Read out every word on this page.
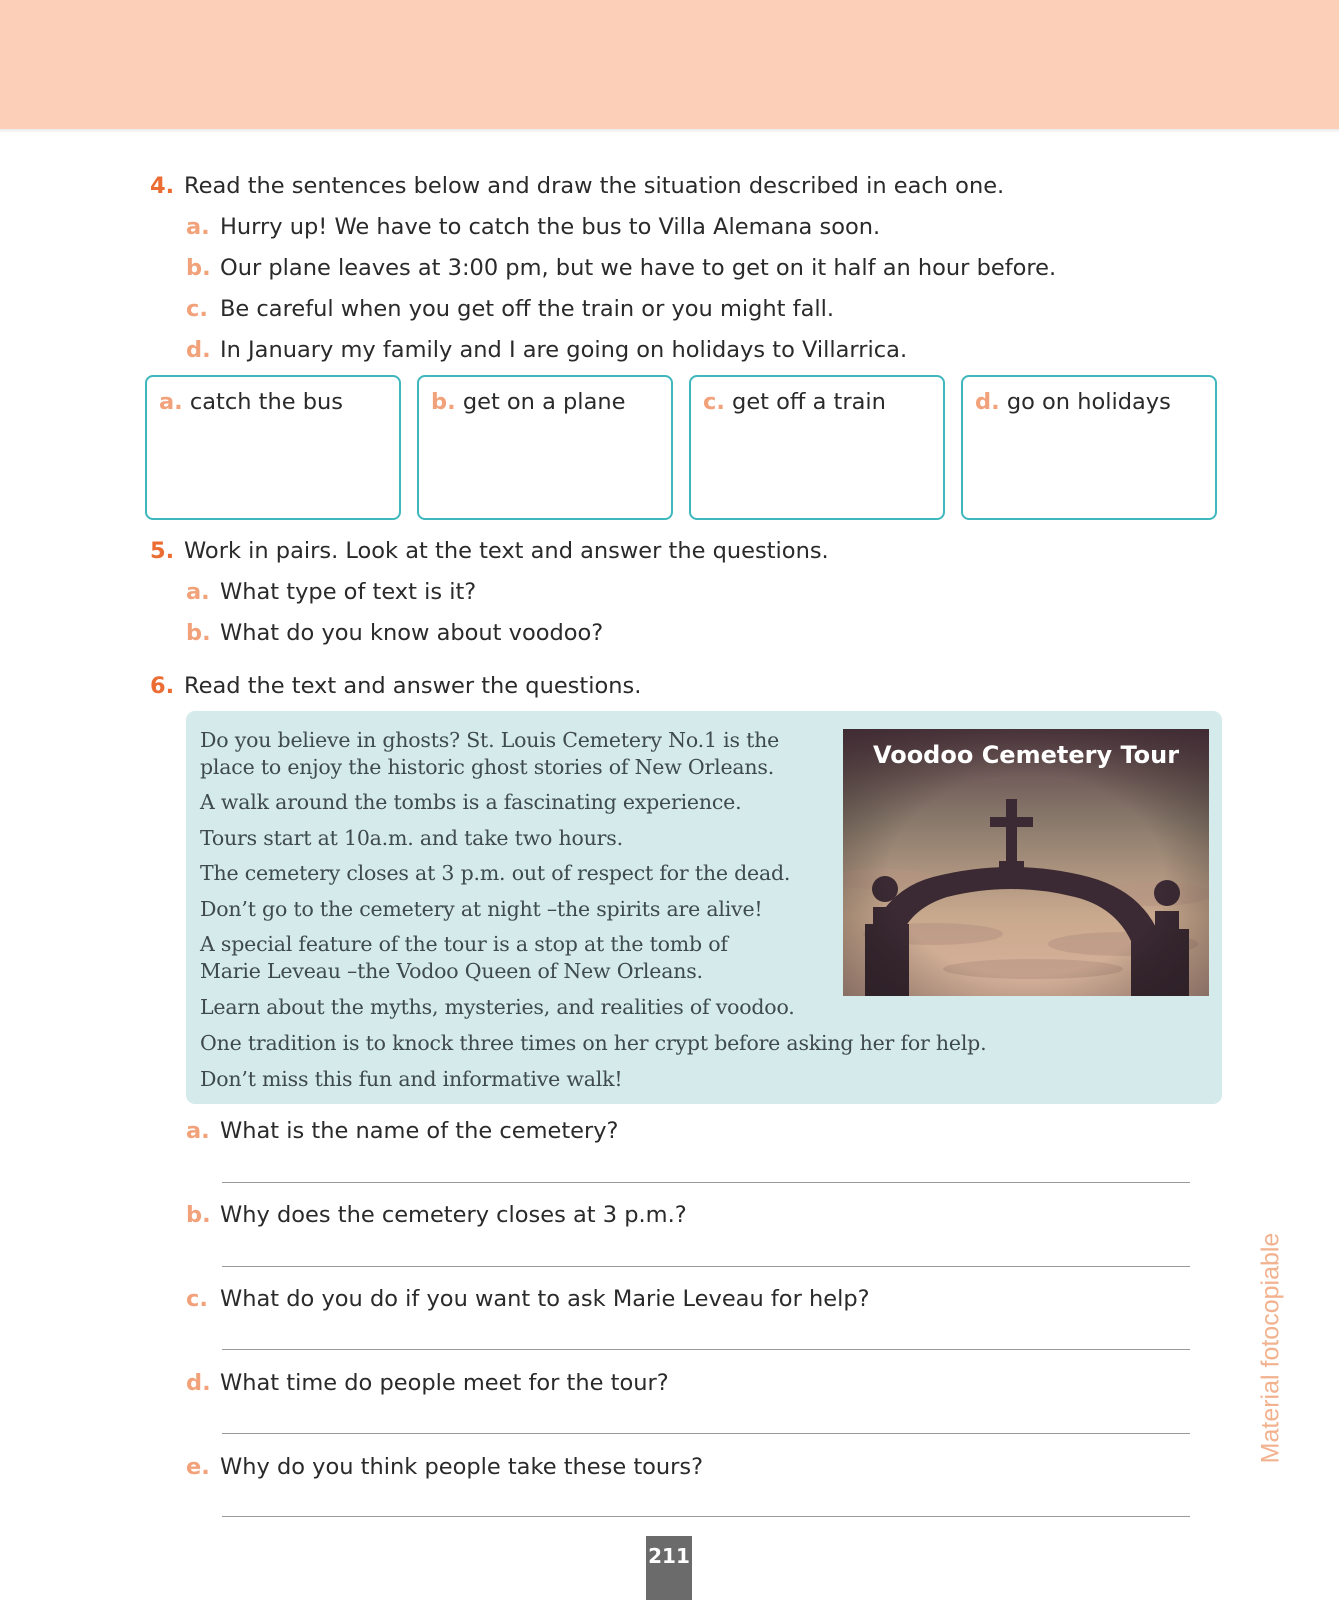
4. Read the sentences below and draw the situation described in each one.
a. Hurry up! We have to catch the bus to Villa Alemana soon.
b. Our plane leaves at 3:00 pm, but we have to get on it half an hour before.
c. Be careful when you get off the train or you might fall.
d. In January my family and I are going on holidays to Villarrica.
a. catch the bus	b. get on a plane	c. get off a train	d. go on holidays
5. Work in pairs. Look at the text and answer the questions.
a. What type of text is it?
b. What do you know about voodoo?
6. Read the text and answer the questions.
Do you believe in ghosts? St. Louis Cemetery No.1 is the
place to enjoy the historic ghost stories of New Orleans.
A walk around the tombs is a fascinating experience.
Tours start at 10a.m. and take two hours.
The cemetery closes at 3 p.m. out of respect for the dead.
Don’t go to the cemetery at night –the spirits are alive!
A special feature of the tour is a stop at the tomb of
Marie Leveau –the Vodoo Queen of New Orleans.
Learn about the myths, mysteries, and realities of voodoo.
One tradition is to knock three times on her crypt before asking her for help.
Don’t miss this fun and informative walk!
Voodoo Cemetery Tour
a. What is the name of the cemetery?
b. Why does the cemetery closes at 3 p.m.?
c. What do you do if you want to ask Marie Leveau for help?
d. What time do people meet for the tour?
e. Why do you think people take these tours?
Material fotocopiable
211
